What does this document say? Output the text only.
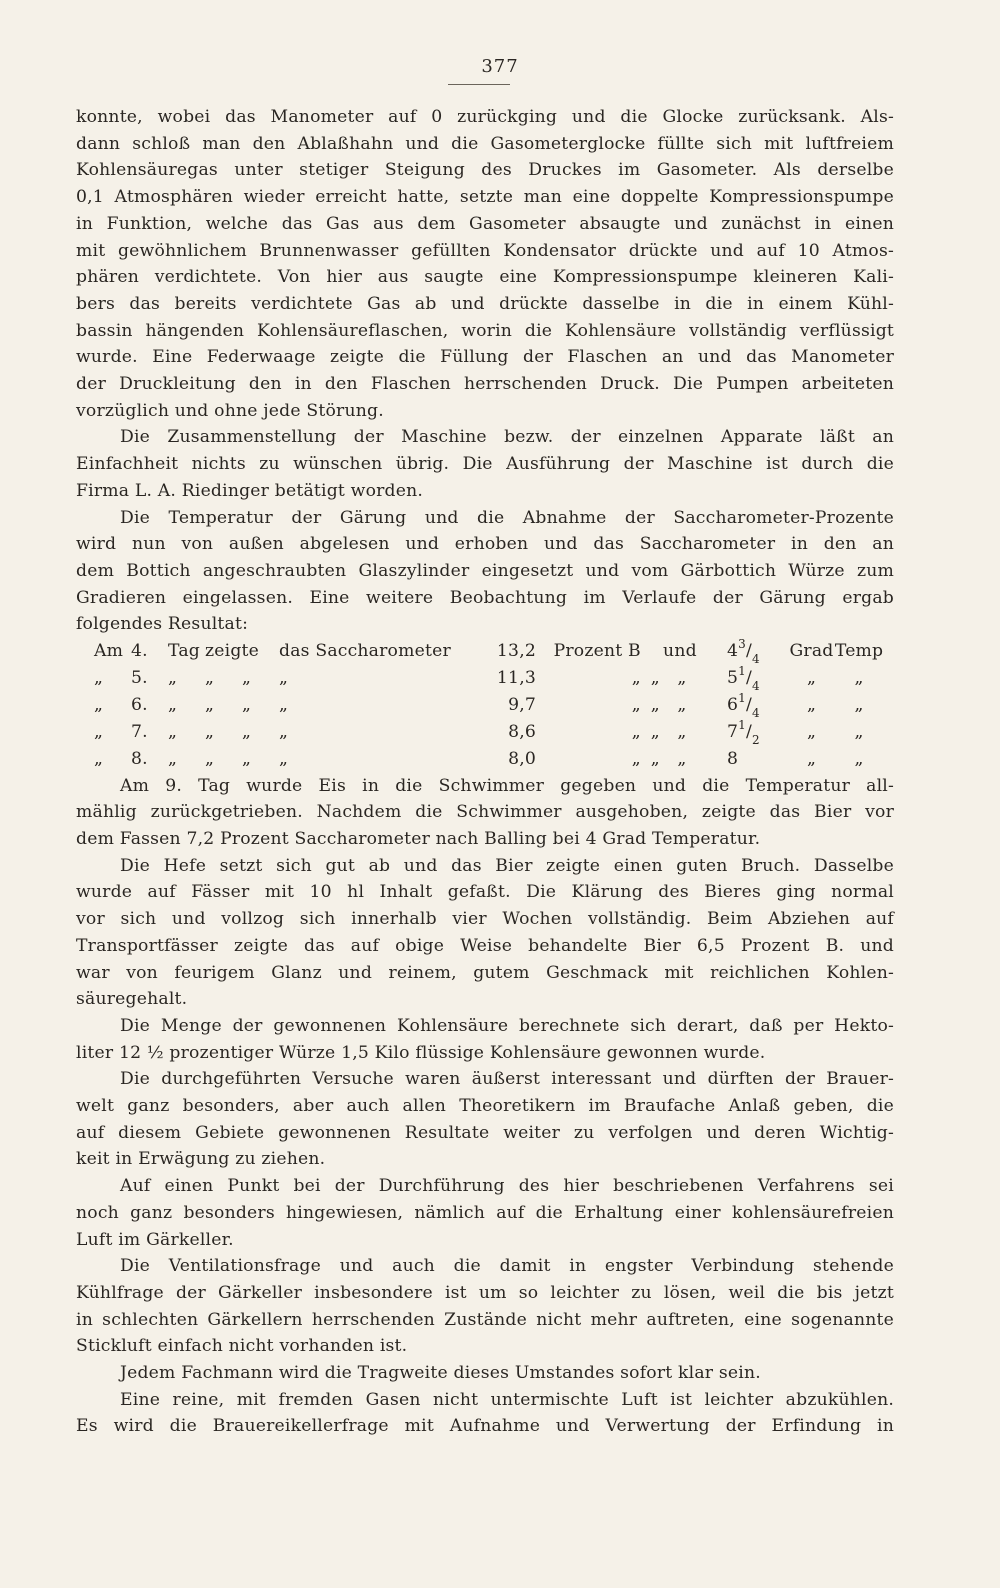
377

konnte, wobei das Manometer auf 0 zurückging und die Glocke zurücksank. Als-
dann schloß man den Ablaßhahn und die Gasometerglocke füllte sich mit luftfreiem
Kohlensäuregas unter stetiger Steigung des Druckes im Gasometer. Als derselbe
0,1 Atmosphären wieder erreicht hatte, setzte man eine doppelte Kompressionspumpe
in Funktion, welche das Gas aus dem Gasometer absaugte und zunächst in einen
mit gewöhnlichem Brunnenwasser gefüllten Kondensator drückte und auf 10 Atmos-
phären verdichtete. Von hier aus saugte eine Kompressionspumpe kleineren Kali-
bers das bereits verdichtete Gas ab und drückte dasselbe in die in einem Kühl-
bassin hängenden Kohlensäureflaschen, worin die Kohlensäure vollständig verflüssigt
wurde. Eine Federwaage zeigte die Füllung der Flaschen an und das Manometer
der Druckleitung den in den Flaschen herrschenden Druck. Die Pumpen arbeiteten
vorzüglich und ohne jede Störung.

Die Zusammenstellung der Maschine bezw. der einzelnen Apparate läßt an
Einfachheit nichts zu wünschen übrig. Die Ausführung der Maschine ist durch die
Firma L. A. Riedinger betätigt worden.

Die Temperatur der Gärung und die Abnahme der Saccharometer-Prozente
wird nun von außen abgelesen und erhoben und das Saccharometer in den an
dem Bottich angeschraubten Glaszylinder eingesetzt und vom Gärbottich Würze zum
Gradieren eingelassen. Eine weitere Beobachtung im Verlaufe der Gärung ergab
folgendes Resultat:

Am	4.	Tag	zeigte		das Saccharometer	13,2	Prozent B	und			$4^3/4$	Grad	Temp
„	5.	„	„	„	„	11,3	„	„	„		$5^1/4$	„	„
„	6.	„	„	„	„	9,7	„	„	„		$6^1/4$	„	„
„	7.	„	„	„	„	8,6	„	„	„		$7^1/2$	„	„
„	8.	„	„	„	„	8,0	„	„	„		8	„	„

Am 9. Tag wurde Eis in die Schwimmer gegeben und die Temperatur all-
mählig zurückgetrieben. Nachdem die Schwimmer ausgehoben, zeigte das Bier vor
dem Fassen 7,2 Prozent Saccharometer nach Balling bei 4 Grad Temperatur.

Die Hefe setzt sich gut ab und das Bier zeigte einen guten Bruch. Dasselbe
wurde auf Fässer mit 10 hl Inhalt gefaßt. Die Klärung des Bieres ging normal
vor sich und vollzog sich innerhalb vier Wochen vollständig. Beim Abziehen auf
Transportfässer zeigte das auf obige Weise behandelte Bier 6,5 Prozent B. und
war von feurigem Glanz und reinem, gutem Geschmack mit reichlichen Kohlen-
säuregehalt.

Die Menge der gewonnenen Kohlensäure berechnete sich derart, daß per Hekto-
liter 12 ½ prozentiger Würze 1,5 Kilo flüssige Kohlensäure gewonnen wurde.

Die durchgeführten Versuche waren äußerst interessant und dürften der Brauer-
welt ganz besonders, aber auch allen Theoretikern im Braufache Anlaß geben, die
auf diesem Gebiete gewonnenen Resultate weiter zu verfolgen und deren Wichtig-
keit in Erwägung zu ziehen.

Auf einen Punkt bei der Durchführung des hier beschriebenen Verfahrens sei
noch ganz besonders hingewiesen, nämlich auf die Erhaltung einer kohlensäurefreien
Luft im Gärkeller.

Die Ventilationsfrage und auch die damit in engster Verbindung stehende
Kühlfrage der Gärkeller insbesondere ist um so leichter zu lösen, weil die bis jetzt
in schlechten Gärkellern herrschenden Zustände nicht mehr auftreten, eine sogenannte
Stickluft einfach nicht vorhanden ist.

Jedem Fachmann wird die Tragweite dieses Umstandes sofort klar sein.

Eine reine, mit fremden Gasen nicht untermischte Luft ist leichter abzukühlen.
Es wird die Brauereikellerfrage mit Aufnahme und Verwertung der Erfindung in
